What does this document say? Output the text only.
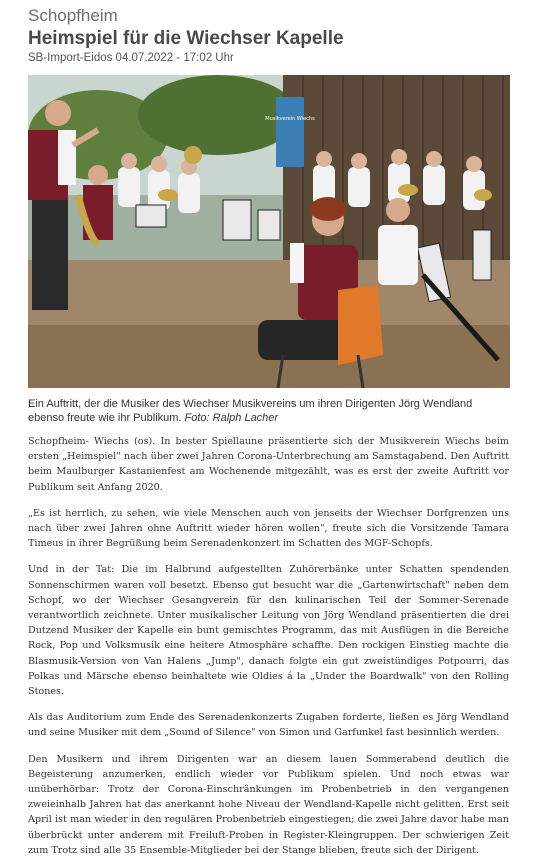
Schopfheim
Heimspiel für die Wiechser Kapelle
SB-Import-Eidos 04.07.2022 - 17:02 Uhr
Musikverein Wiechs
Ein Auftritt, der die Musiker des Wiechser Musikvereins um ihren Dirigenten Jörg Wendland ebenso freute wie ihr Publikum. Foto: Ralph Lacher

Schopfheim- Wiechs (os). In bester Spiellaune präsentierte sich der Musikverein Wiechs beim ersten „Heimspiel" nach über zwei Jahren Corona-Unterbrechung am Samstagabend. Den Auftritt beim Maulburger Kastanienfest am Wochenende mitgezählt, was es erst der zweite Auftritt vor Publikum seit Anfang 2020.

„Es ist herrlich, zu sehen, wie viele Menschen auch von jenseits der Wiechser Dorfgrenzen uns nach über zwei Jahren ohne Auftritt wieder hören wollen", freute sich die Vorsitzende Tamara Timeus in ihrer Begrüßung beim Serenadenkonzert im Schatten des MGF-Schopfs.

Und in der Tat: Die im Halbrund aufgestellten Zuhörerbänke unter Schatten spendenden Sonnenschirmen waren voll besetzt. Ebenso gut besucht war die „Gartenwirtschaft" neben dem Schopf, wo der Wiechser Gesangverein für den kulinarischen Teil der Sommer-Serenade verantwortlich zeichnete. Unter musikalischer Leitung von Jörg Wendland präsentierten die drei Dutzend Musiker der Kapelle ein bunt gemischtes Programm, das mit Ausflügen in die Bereiche Rock, Pop und Volksmusik eine heitere Atmosphäre schaffte. Den rockigen Einstieg machte die Blasmusik-Version von Van Halens „Jump", danach folgte ein gut zweistündiges Potpourri, das Polkas und Märsche ebenso beinhaltete wie Oldies á la „Under the Boardwalk" von den Rolling Stones.

Als das Auditorium zum Ende des Serenadenkonzerts Zugaben forderte, ließen es Jörg Wendland und seine Musiker mit dem „Sound of Silence" von Simon und Garfunkel fast besinnlich werden.

Den Musikern und ihrem Dirigenten war an diesem lauen Sommerabend deutlich die Begeisterung anzumerken, endlich wieder vor Publikum spielen. Und noch etwas war unüberhörbar: Trotz der Corona-Einschränkungen im Probenbetrieb in den vergangenen zweieinhalb Jahren hat das anerkannt hohe Niveau der Wendland-Kapelle nicht gelitten. Erst seit April ist man wieder in den regulären Probenbetrieb eingestiegen; die zwei Jahre davor habe man überbrückt unter anderem mit Freiluft-Proben in Register-Kleingruppen. Der schwierigen Zeit zum Trotz sind alle 35 Ensemble-Mitglieder bei der Stange blieben, freute sich der Dirigent.
